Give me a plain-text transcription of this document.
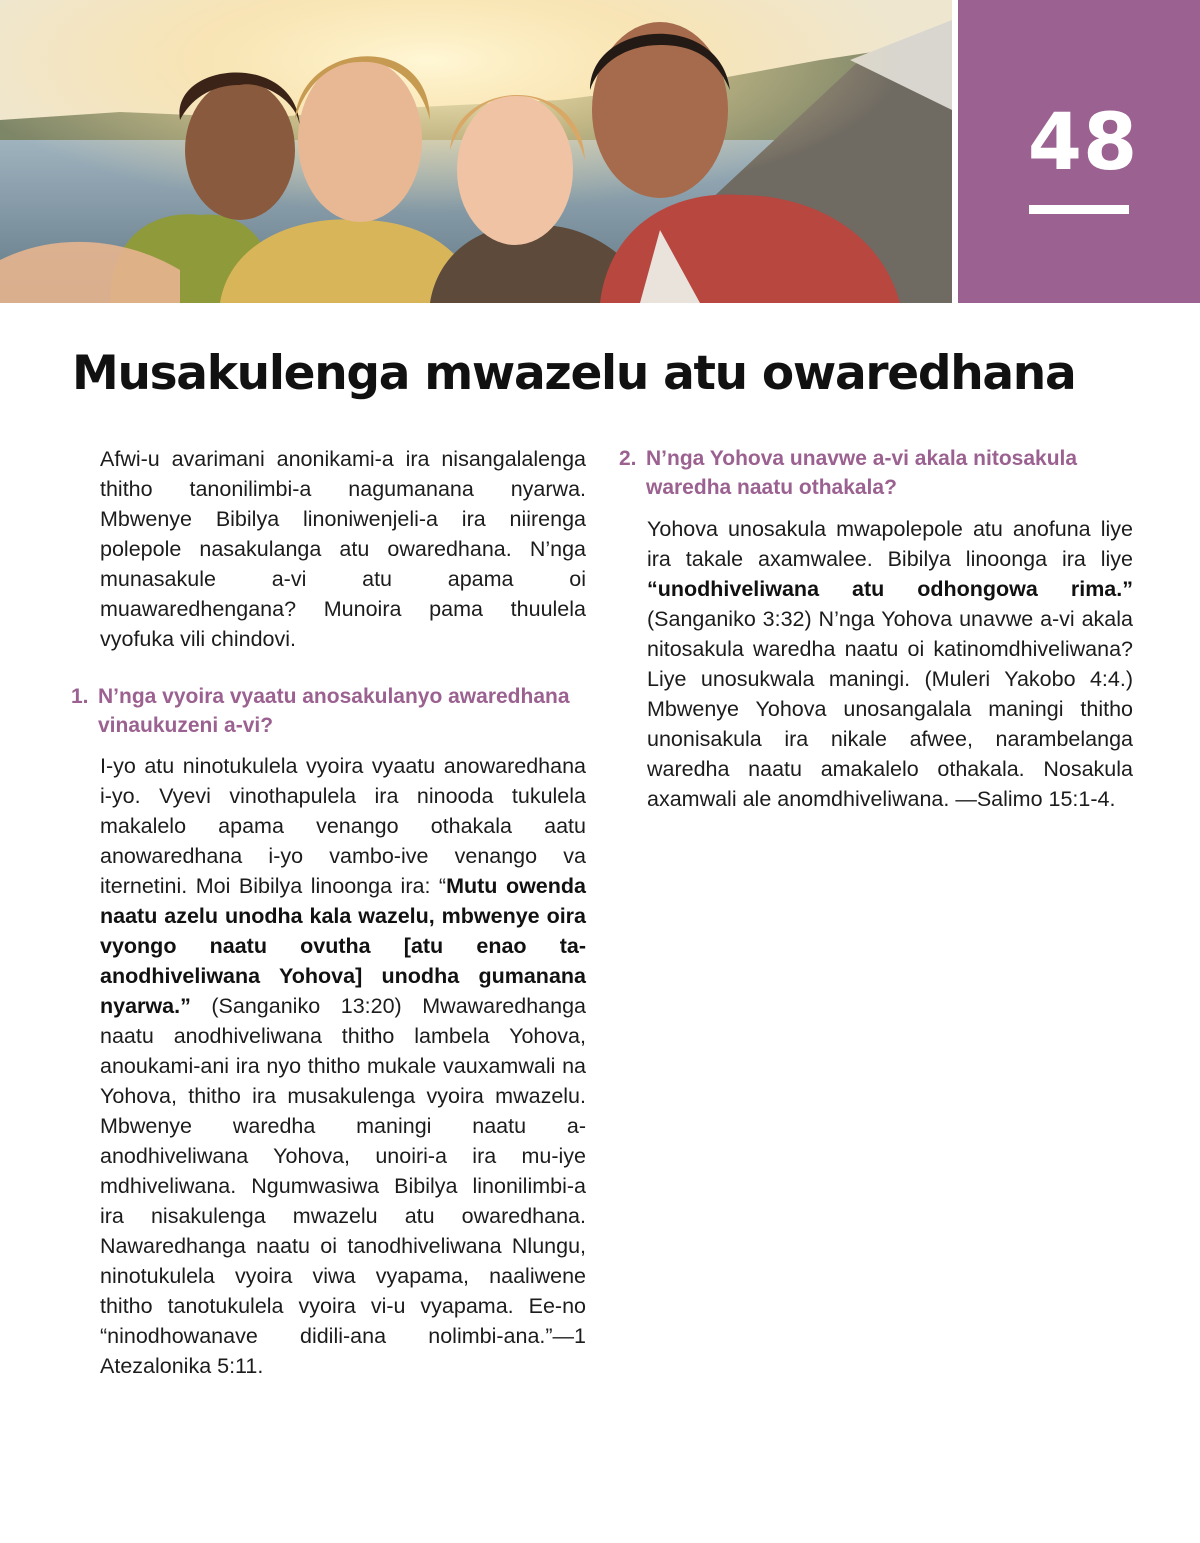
48
Musakulenga mwazelu atu owaredhana

Afwi-u avarimani anonikami-a ira nisangalalenga thitho tanonilimbi-a nagumanana nyarwa. Mbwenye Bibilya linoniwenjeli-a ira niirenga polepole nasakulanga atu owaredhana. N’nga munasakule a-vi atu apama oi muawaredhengana? Munoira pama thuulela vyofuka vili chindovi.

1. N’nga vyoira vyaatu anosakulanyo awaredhana vinaukuzeni a-vi?

I-yo atu ninotukulela vyoira vyaatu anowaredhana i-yo. Vyevi vinothapulela ira ninooda tukulela makalelo apama venango othakala aatu anowaredhana i-yo vambo-ive venango va iternetini. Moi Bibilya linoonga ira: “Mutu owenda naatu azelu unodha kala wazelu, mbwenye oira vyongo naatu ovutha [atu enao ta-anodhiveliwana Yohova] unodha gumanana nyarwa.” (Sanganiko 13:20) Mwawaredhanga naatu anodhiveliwana thitho lambela Yohova, anoukami-ani ira nyo thitho mukale vauxamwali na Yohova, thitho ira musakulenga vyoira mwazelu. Mbwenye waredha maningi naatu a-anodhiveliwana Yohova, unoiri-a ira mu-iye mdhiveliwana. Ngumwasiwa Bibilya linonilimbi-a ira nisakulenga mwazelu atu owaredhana. Nawaredhanga naatu oi tanodhiveliwana Nlungu, ninotukulela vyoira viwa vyapama, naaliwene thitho tanotukulela vyoira vi-u vyapama. Ee-no “ninodhowanave didili-ana nolimbi-ana.”—1 Atezalonika 5:11.

2. N’nga Yohova unavwe a-vi akala nitosakula waredha naatu othakala?

Yohova unosakula mwapolepole atu anofuna liye ira takale axamwalee. Bibilya linoonga ira liye “unodhiveliwana atu odhongowa rima.” (Sanganiko 3:32) N’nga Yohova unavwe a-vi akala nitosakula waredha naatu oi katinomdhiveliwana? Liye unosukwala maningi. (Muleri Yakobo 4:4.) Mbwenye Yohova unosangalala maningi thitho unonisakula ira nikale afwee, narambelanga waredha naatu amakalelo othakala. Nosakula axamwali ale anomdhiveliwana. —Salimo 15:1-4.
